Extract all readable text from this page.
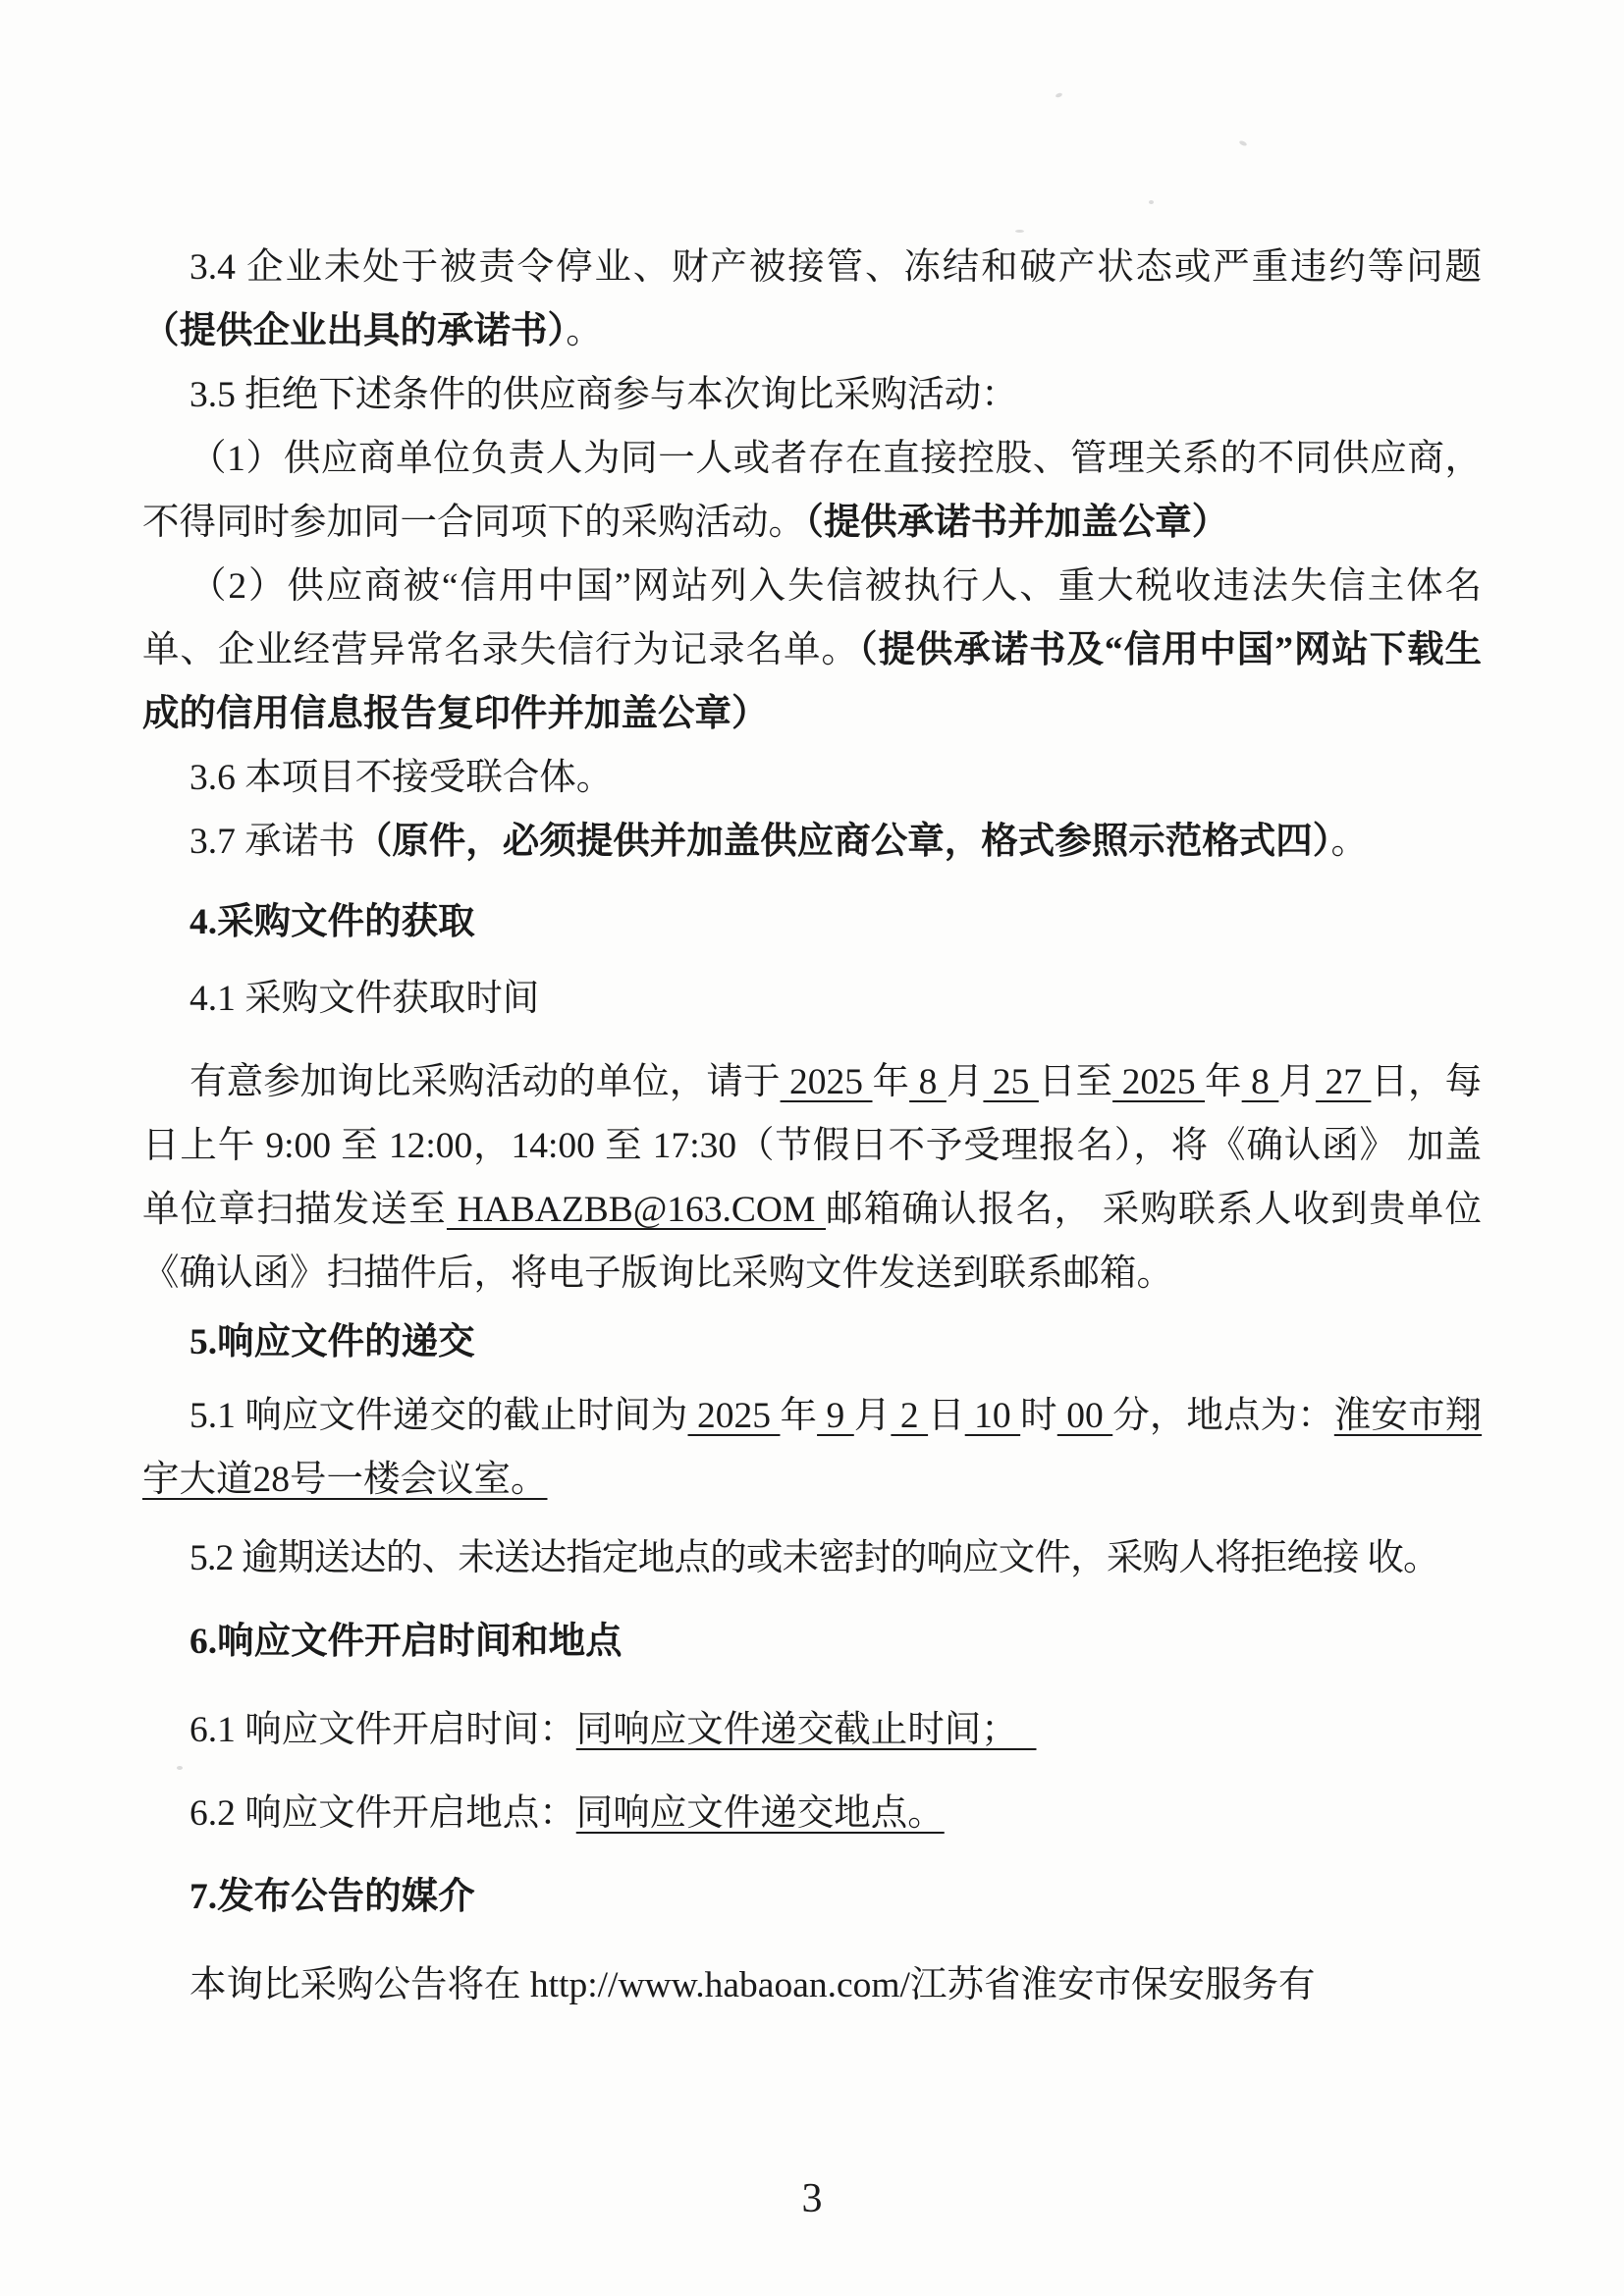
3.4 企业未处于被责令停业、财产被接管、冻结和破产状态或严重违约等问题（提供企业出具的承诺书）。

3.5 拒绝下述条件的供应商参与本次询比采购活动：

（1）供应商单位负责人为同一人或者存在直接控股、管理关系的不同供应商，不得同时参加同一合同项下的采购活动。（提供承诺书并加盖公章）

（2）供应商被“信用中国”网站列入失信被执行人、重大税收违法失信主体名单、企业经营异常名录失信行为记录名单。（提供承诺书及“信用中国”网站下载生成的信用信息报告复印件并加盖公章）

3.6 本项目不接受联合体。

3.7 承诺书（原件，必须提供并加盖供应商公章，格式参照示范格式四）。

4.采购文件的获取

4.1 采购文件获取时间

有意参加询比采购活动的单位，请于 2025 年 8 月 25 日至 2025 年 8 月 27 日，每日上午 9:00 至 12:00，14:00 至 17:30（节假日不予受理报名），将《确认函》 加盖单位章扫描发送至 HABAZBB@163.COM 邮箱确认报名， 采购联系人收到贵单位《确认函》扫描件后，将电子版询比采购文件发送到联系邮箱。

5.响应文件的递交

5.1 响应文件递交的截止时间为 2025 年 9 月 2 日 10 时 00 分，地点为：淮安市翔宇大道28号一楼会议室。

5.2 逾期送达的、未送达指定地点的或未密封的响应文件，采购人将拒绝接 收。

6.响应文件开启时间和地点

6.1 响应文件开启时间：同响应文件递交截止时间；

6.2 响应文件开启地点：同响应文件递交地点。

7.发布公告的媒介

本询比采购公告将在 http://www.habaoan.com/江苏省淮安市保安服务有

3
